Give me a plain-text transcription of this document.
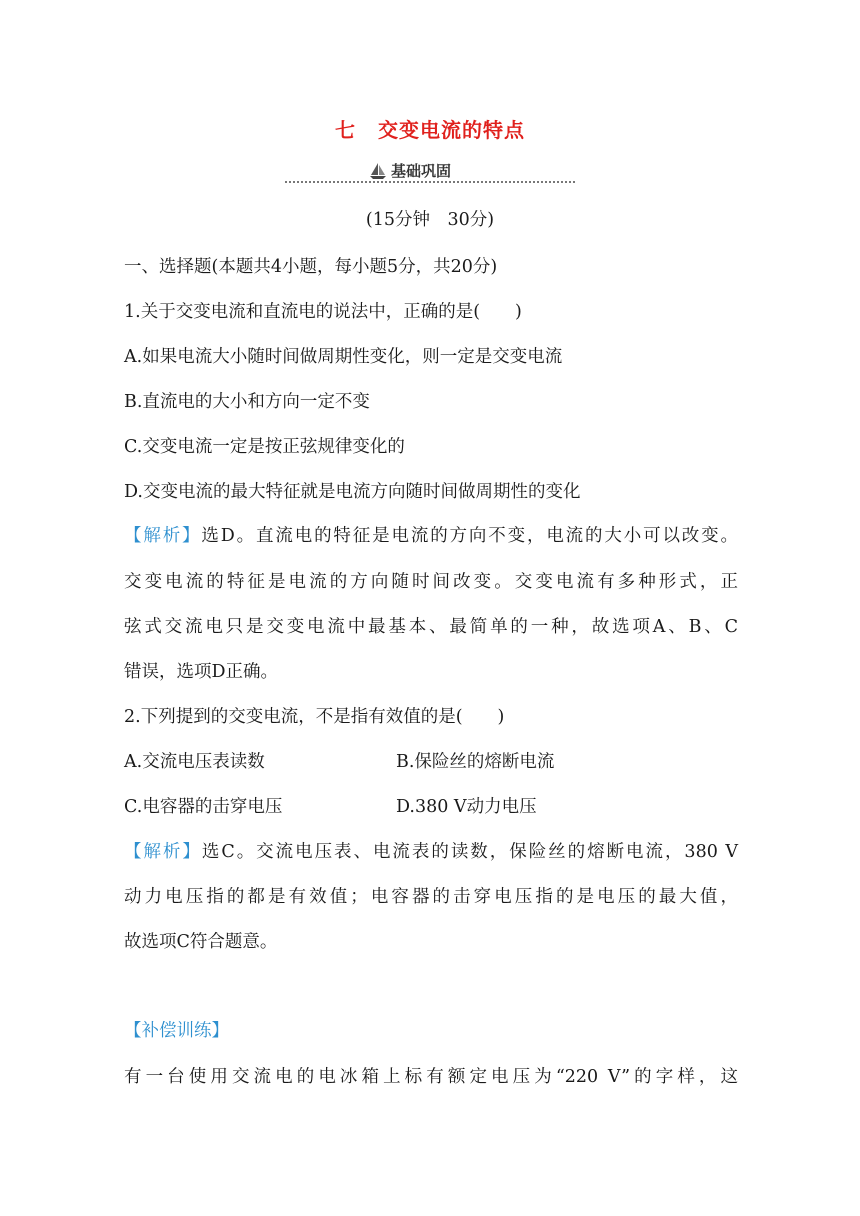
七 交变电流的特点
基础巩固
(15分钟　30分)
一、选择题(本题共4小题，每小题5分，共20分)
1.关于交变电流和直流电的说法中，正确的是(　　)
A.如果电流大小随时间做周期性变化，则一定是交变电流
B.直流电的大小和方向一定不变
C.交变电流一定是按正弦规律变化的
D.交变电流的最大特征就是电流方向随时间做周期性的变化
【解析】选D。直流电的特征是电流的方向不变，电流的大小可以改变。
交变电流的特征是电流的方向随时间改变。交变电流有多种形式，正
弦式交流电只是交变电流中最基本、最简单的一种，故选项A、B、C
错误，选项D正确。
2.下列提到的交变电流，不是指有效值的是(　　)
A.交流电压表读数	B.保险丝的熔断电流
C.电容器的击穿电压	D.380 V动力电压
【解析】选C。交流电压表、电流表的读数，保险丝的熔断电流，380 V
动力电压指的都是有效值；电容器的击穿电压指的是电压的最大值，
故选项C符合题意。
【补偿训练】
有一台使用交流电的电冰箱上标有额定电压为“220 V”的字样，这
